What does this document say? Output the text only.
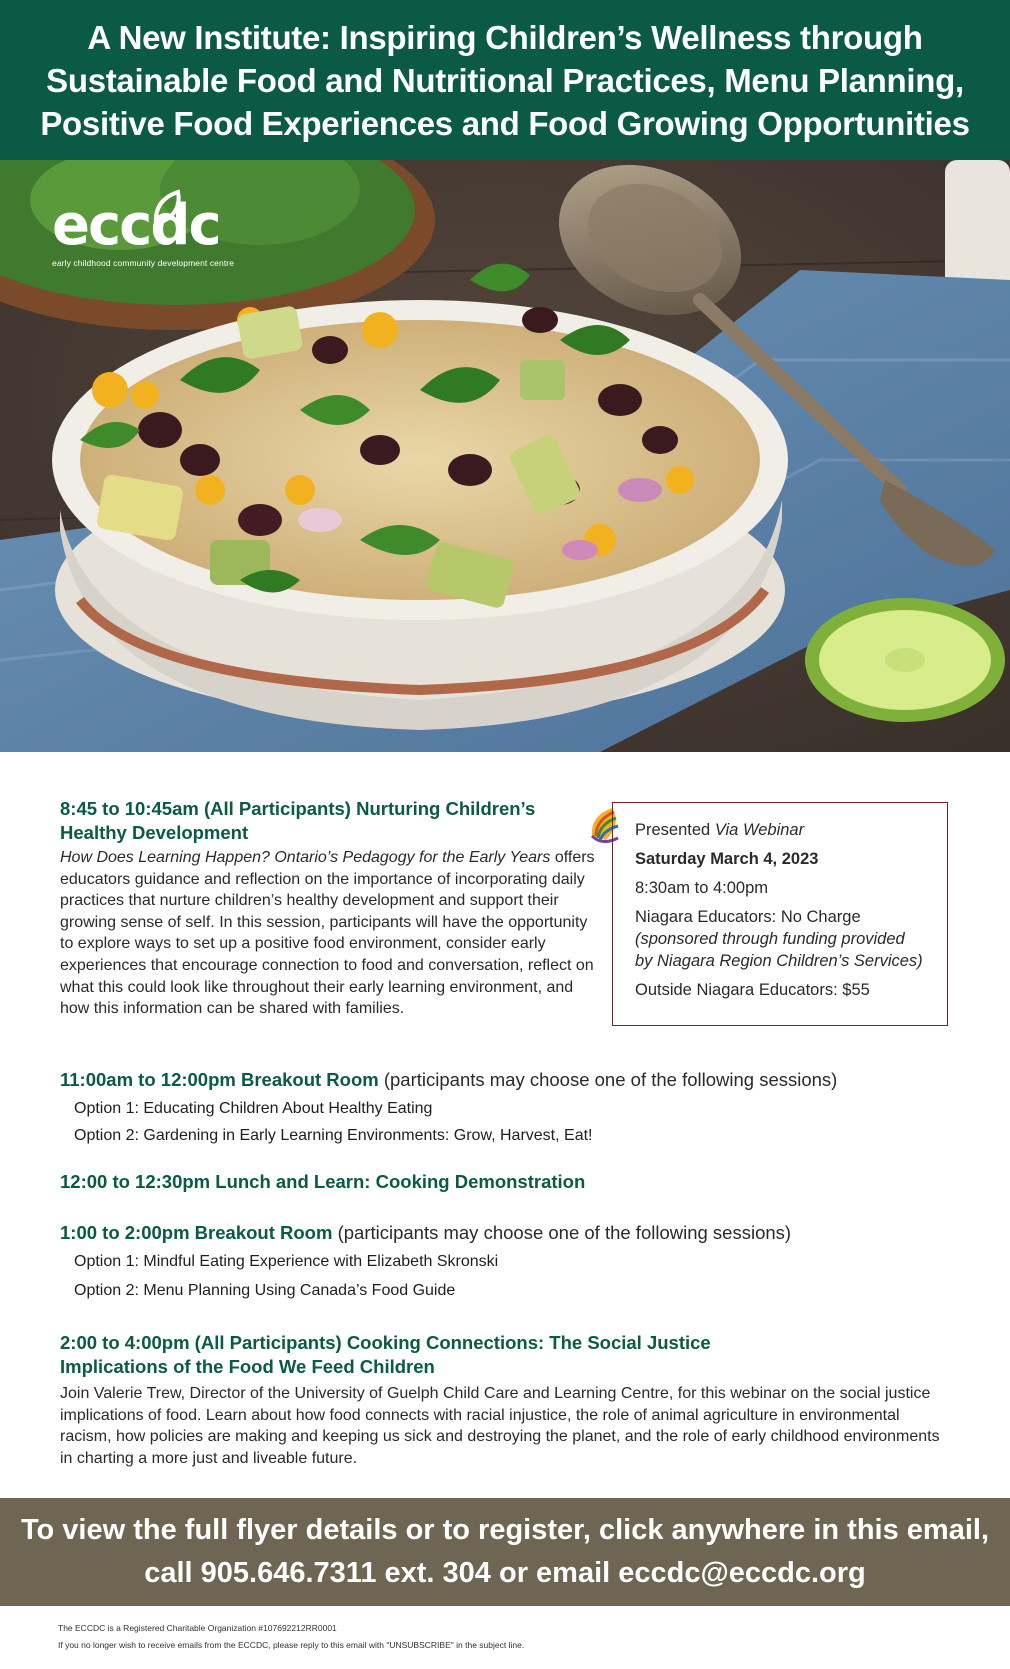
A New Institute: Inspiring Children’s Wellness through
Sustainable Food and Nutritional Practices, Menu Planning,
Positive Food Experiences and Food Growing Opportunities
eccdc
early childhood community development centre
8:45 to 10:45am (All Participants) Nurturing Children’s
Healthy Development
How Does Learning Happen? Ontario’s Pedagogy for the Early Years offers educators guidance and reflection on the importance of incorporating daily practices that nurture children’s healthy development and support their growing sense of self. In this session, participants will have the opportunity to explore ways to set up a positive food environment, consider early experiences that encourage connection to food and conversation, reflect on what this could look like throughout their early learning environment, and how this information can be shared with families.

Presented Via Webinar

Saturday March 4, 2023

8:30am to 4:00pm

Niagara Educators: No Charge

(sponsored through funding provided

by Niagara Region Children’s Services)

Outside Niagara Educators: $55

11:00am to 12:00pm Breakout Room (participants may choose one of the following sessions)
Option 1: Educating Children About Healthy Eating
Option 2: Gardening in Early Learning Environments: Grow, Harvest, Eat!
12:00 to 12:30pm Lunch and Learn: Cooking Demonstration
1:00 to 2:00pm Breakout Room (participants may choose one of the following sessions)
Option 1: Mindful Eating Experience with Elizabeth Skronski
Option 2: Menu Planning Using Canada’s Food Guide
2:00 to 4:00pm (All Participants) Cooking Connections: The Social Justice
Implications of the Food We Feed Children
Join Valerie Trew, Director of the University of Guelph Child Care and Learning Centre, for this webinar on the social justice implications of food. Learn about how food connects with racial injustice, the role of animal agriculture in environmental racism, how policies are making and keeping us sick and destroying the planet, and the role of early childhood environments in charting a more just and liveable future.
To view the full flyer details or to register, click anywhere in this email,
call 905.646.7311 ext. 304 or email eccdc@eccdc.org
The ECCDC is a Registered Charitable Organization #107692212RR0001
If you no longer wish to receive emails from the ECCDC, please reply to this email with "UNSUBSCRIBE" in the subject line.
